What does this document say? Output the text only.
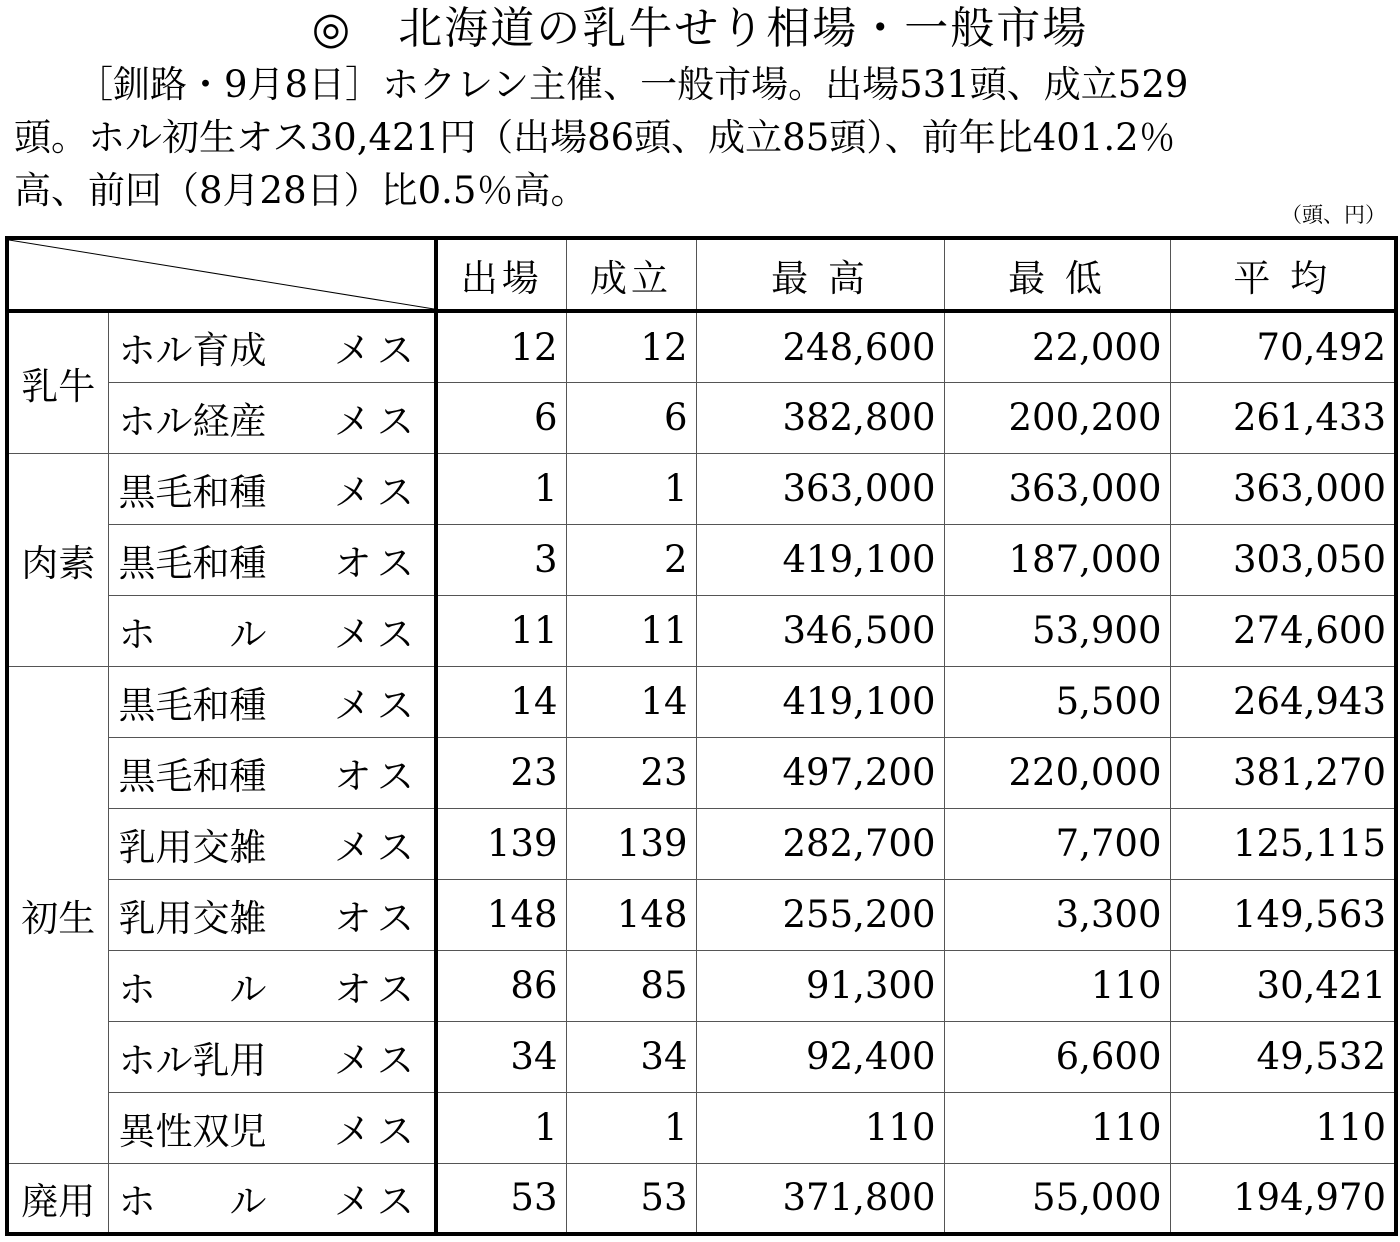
◎　北海道の乳牛せり相場・一般市場

［釧路・9月8日］ホクレン主催、一般市場。出場531頭、成立529
頭。ホル初生オス30,421円（出場86頭、成立85頭）、前年比401.2％
高、前回（8月28日）比0.5％高。

（頭、円）
	出場	成立	最 高	最 低	平 均
乳牛	ホル育成 メス	12	12	248,600	22,000	70,492

ホル経産 メス	6	6	382,800	200,200	261,433
肉素	黒毛和種 メス	1	1	363,000	363,000	363,000

黒毛和種 オス	3	2	419,100	187,000	303,050

ホ　　ル メス	11	11	346,500	53,900	274,600
初生	黒毛和種 メス	14	14	419,100	5,500	264,943

黒毛和種 オス	23	23	497,200	220,000	381,270

乳用交雑 メス	139	139	282,700	7,700	125,115

乳用交雑 オス	148	148	255,200	3,300	149,563

ホ　　ル オス	86	85	91,300	110	30,421

ホル乳用 メス	34	34	92,400	6,600	49,532

異性双児 メス	1	1	110	110	110
廃用	ホ　　ル メス	53	53	371,800	55,000	194,970
